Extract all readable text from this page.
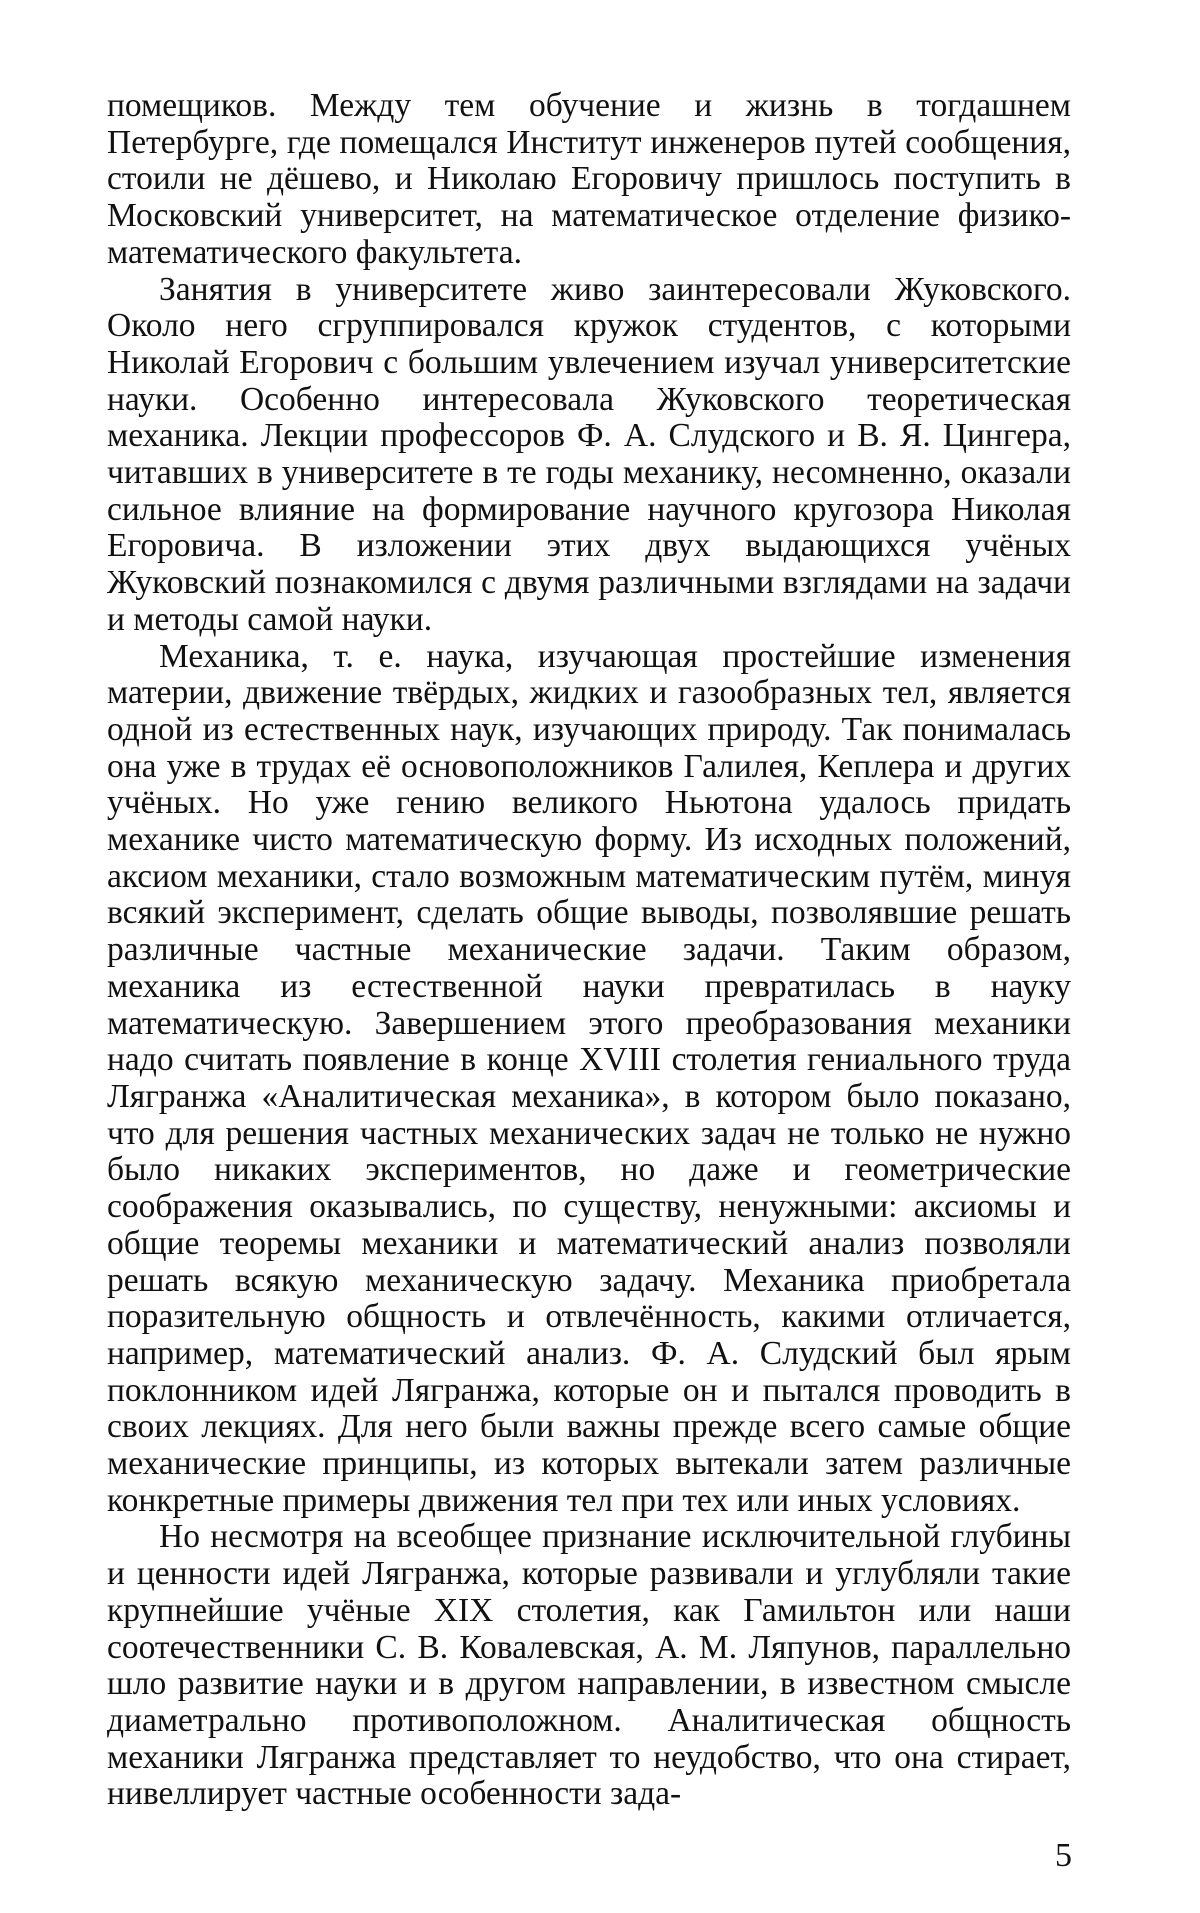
помещиков. Между тем обучение и жизнь в тогдашнем Петербурге, где помещался Институт инженеров путей сообщения, стоили не дёшево, и Николаю Егоровичу пришлось поступить в Московский университет, на математическое отделение физико-математического факультета.

Занятия в университете живо заинтересовали Жуковского. Около него сгруппировался кружок студентов, с которыми Николай Егорович с большим увлечением изучал университетские науки. Особенно интересовала Жуковского теоретическая механика. Лекции профессоров Ф. А. Слудского и В. Я. Цингера, читавших в университете в те годы механику, несомненно, оказали сильное влияние на формирование научного кругозора Николая Егоровича. В изложении этих двух выдающихся учёных Жуковский познакомился с двумя различными взглядами на задачи и методы самой науки.

Механика, т. е. наука, изучающая простейшие изменения материи, движение твёрдых, жидких и газообразных тел, является одной из естественных наук, изучающих природу. Так понималась она уже в трудах её основоположников Галилея, Кеплера и других учёных. Но уже гению великого Ньютона удалось придать механике чисто математическую форму. Из исходных положений, аксиом механики, стало возможным математическим путём, минуя всякий эксперимент, сделать общие выводы, позволявшие решать различные частные механические задачи. Таким образом, механика из естественной науки превратилась в науку математическую. Завершением этого преобразования механики надо считать появление в конце XVIII столетия гениального труда Лягранжа «Аналитическая механика», в котором было показано, что для решения частных механических задач не только не нужно было никаких экспериментов, но даже и геометрические соображения оказывались, по существу, ненужными: аксиомы и общие теоремы механики и математический анализ позволяли решать всякую механическую задачу. Механика приобретала поразительную общность и отвлечённость, какими отличается, например, математический анализ. Ф. А. Слудский был ярым поклонником идей Лягранжа, которые он и пытался проводить в своих лекциях. Для него были важны прежде всего самые общие механические принципы, из которых вытекали затем различные конкретные примеры движения тел при тех или иных условиях.

Но несмотря на всеобщее признание исключительной глубины и ценности идей Лягранжа, которые развивали и углубляли такие крупнейшие учёные XIX столетия, как Гамильтон или наши соотечественники С. В. Ковалевская, А. М. Ляпунов, параллельно шло развитие науки и в другом направлении, в известном смысле диаметрально противоположном. Аналитическая общность механики Лягранжа представляет то неудобство, что она стирает, нивеллирует частные особенности зада-

5
